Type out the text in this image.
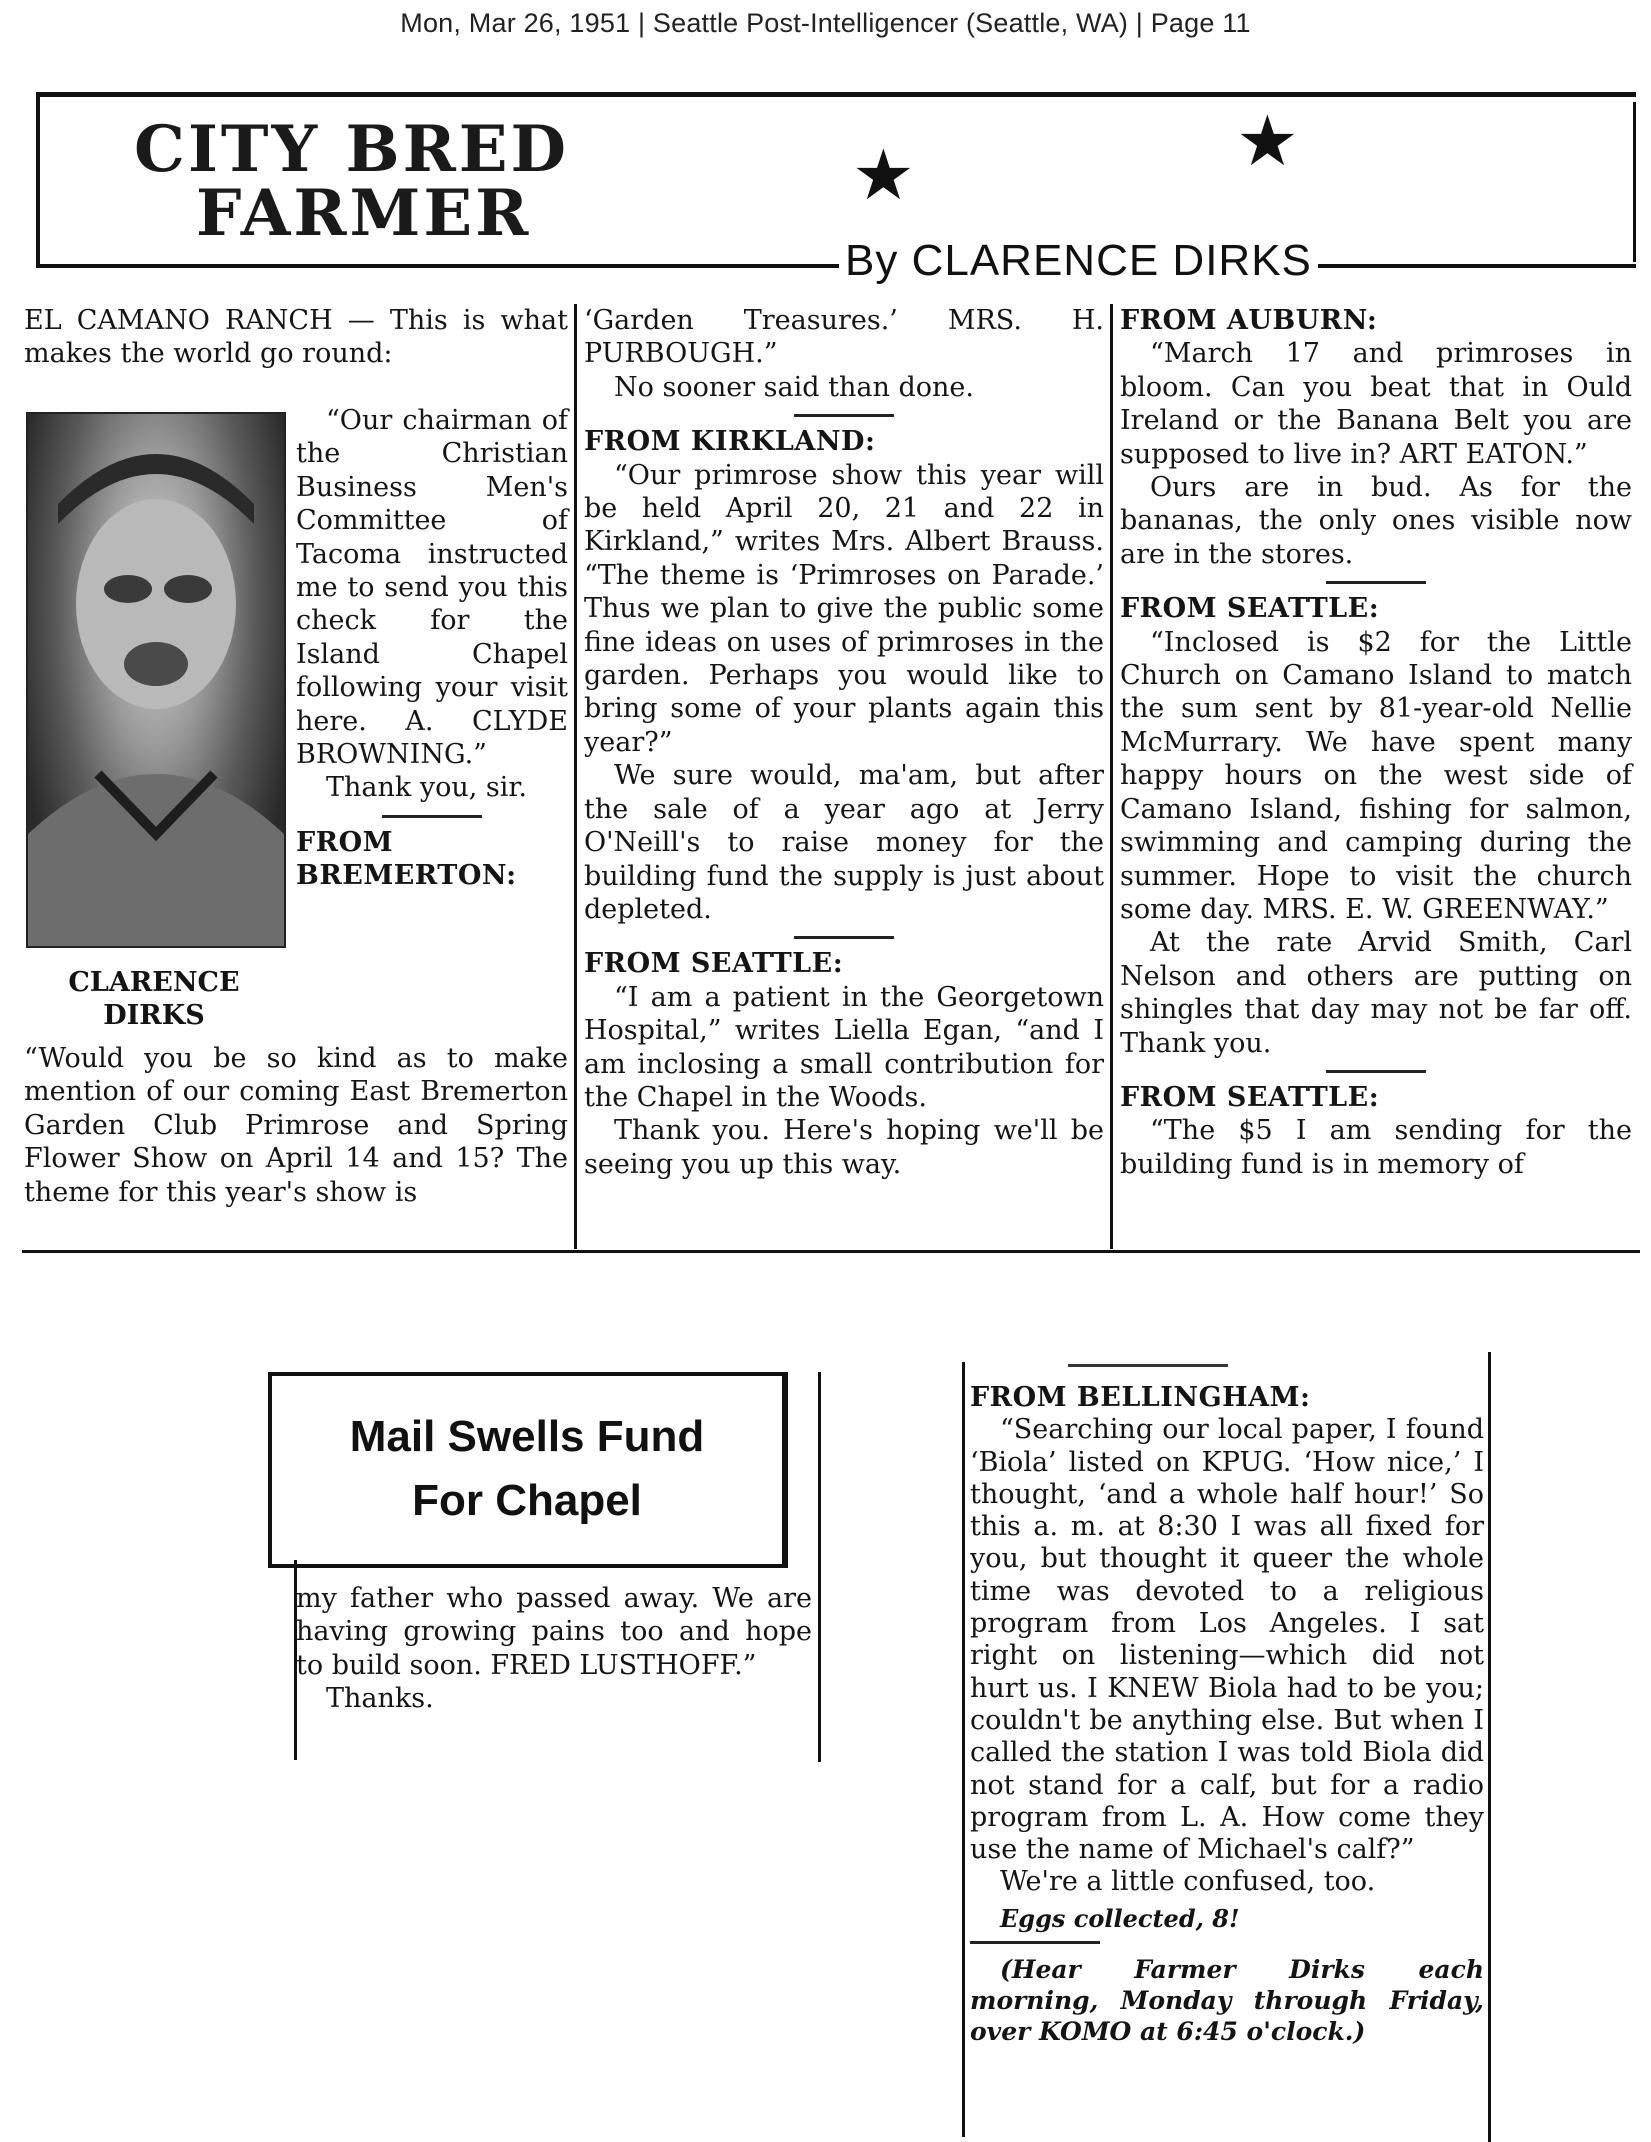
Mon, Mar 26, 1951 | Seattle Post-Intelligencer (Seattle, WA) | Page 11
CITY BRED
FARMER	★	★
By CLARENCE DIRKS
CLARENCE DIRKS

EL CAMANO RANCH — This is what makes the world go round:

“Our chairman of the Christian Business Men's Committee of Tacoma instructed me to send you this check for the Island Chapel following your visit here. A. CLYDE BROWNING.”

Thank you, sir.

FROM BREMERTON:

“Would you be so kind as to make mention of our coming East Bremerton Garden Club Primrose and Spring Flower Show on April 14 and 15? The theme for this year's show is

‘Garden Treasures.’ MRS. H. PURBOUGH.”

No sooner said than done.

FROM KIRKLAND:

“Our primrose show this year will be held April 20, 21 and 22 in Kirkland,” writes Mrs. Albert Brauss. “The theme is ‘Primroses on Parade.’ Thus we plan to give the public some fine ideas on uses of primroses in the garden. Perhaps you would like to bring some of your plants again this year?”

We sure would, ma'am, but after the sale of a year ago at Jerry O'Neill's to raise money for the building fund the supply is just about depleted.

FROM SEATTLE:

“I am a patient in the Georgetown Hospital,” writes Liella Egan, “and I am inclosing a small contribution for the Chapel in the Woods.

Thank you. Here's hoping we'll be seeing you up this way.

FROM AUBURN:

“March 17 and primroses in bloom. Can you beat that in Ould Ireland or the Banana Belt you are supposed to live in? ART EATON.”

Ours are in bud. As for the bananas, the only ones visible now are in the stores.

FROM SEATTLE:

“Inclosed is $2 for the Little Church on Camano Island to match the sum sent by 81-year-old Nellie McMurrary. We have spent many happy hours on the west side of Camano Island, fishing for salmon, swimming and camping during the summer. Hope to visit the church some day. MRS. E. W. GREENWAY.”

At the rate Arvid Smith, Carl Nelson and others are putting on shingles that day may not be far off. Thank you.

FROM SEATTLE:

“The $5 I am sending for the building fund is in memory of

Mail Swells Fund
For Chapel

my father who passed away. We are having growing pains too and hope to build soon. FRED LUSTHOFF.”

Thanks.

FROM BELLINGHAM:

“Searching our local paper, I found ‘Biola’ listed on KPUG. ‘How nice,’ I thought, ‘and a whole half hour!’ So this a. m. at 8:30 I was all fixed for you, but thought it queer the whole time was devoted to a religious program from Los Angeles. I sat right on listening—which did not hurt us. I KNEW Biola had to be you; couldn't be anything else. But when I called the station I was told Biola did not stand for a calf, but for a radio program from L. A. How come they use the name of Michael's calf?”

We're a little confused, too.

Eggs collected, 8!

(Hear Farmer Dirks each morning, Monday through Friday, over KOMO at 6:45 o'clock.)
